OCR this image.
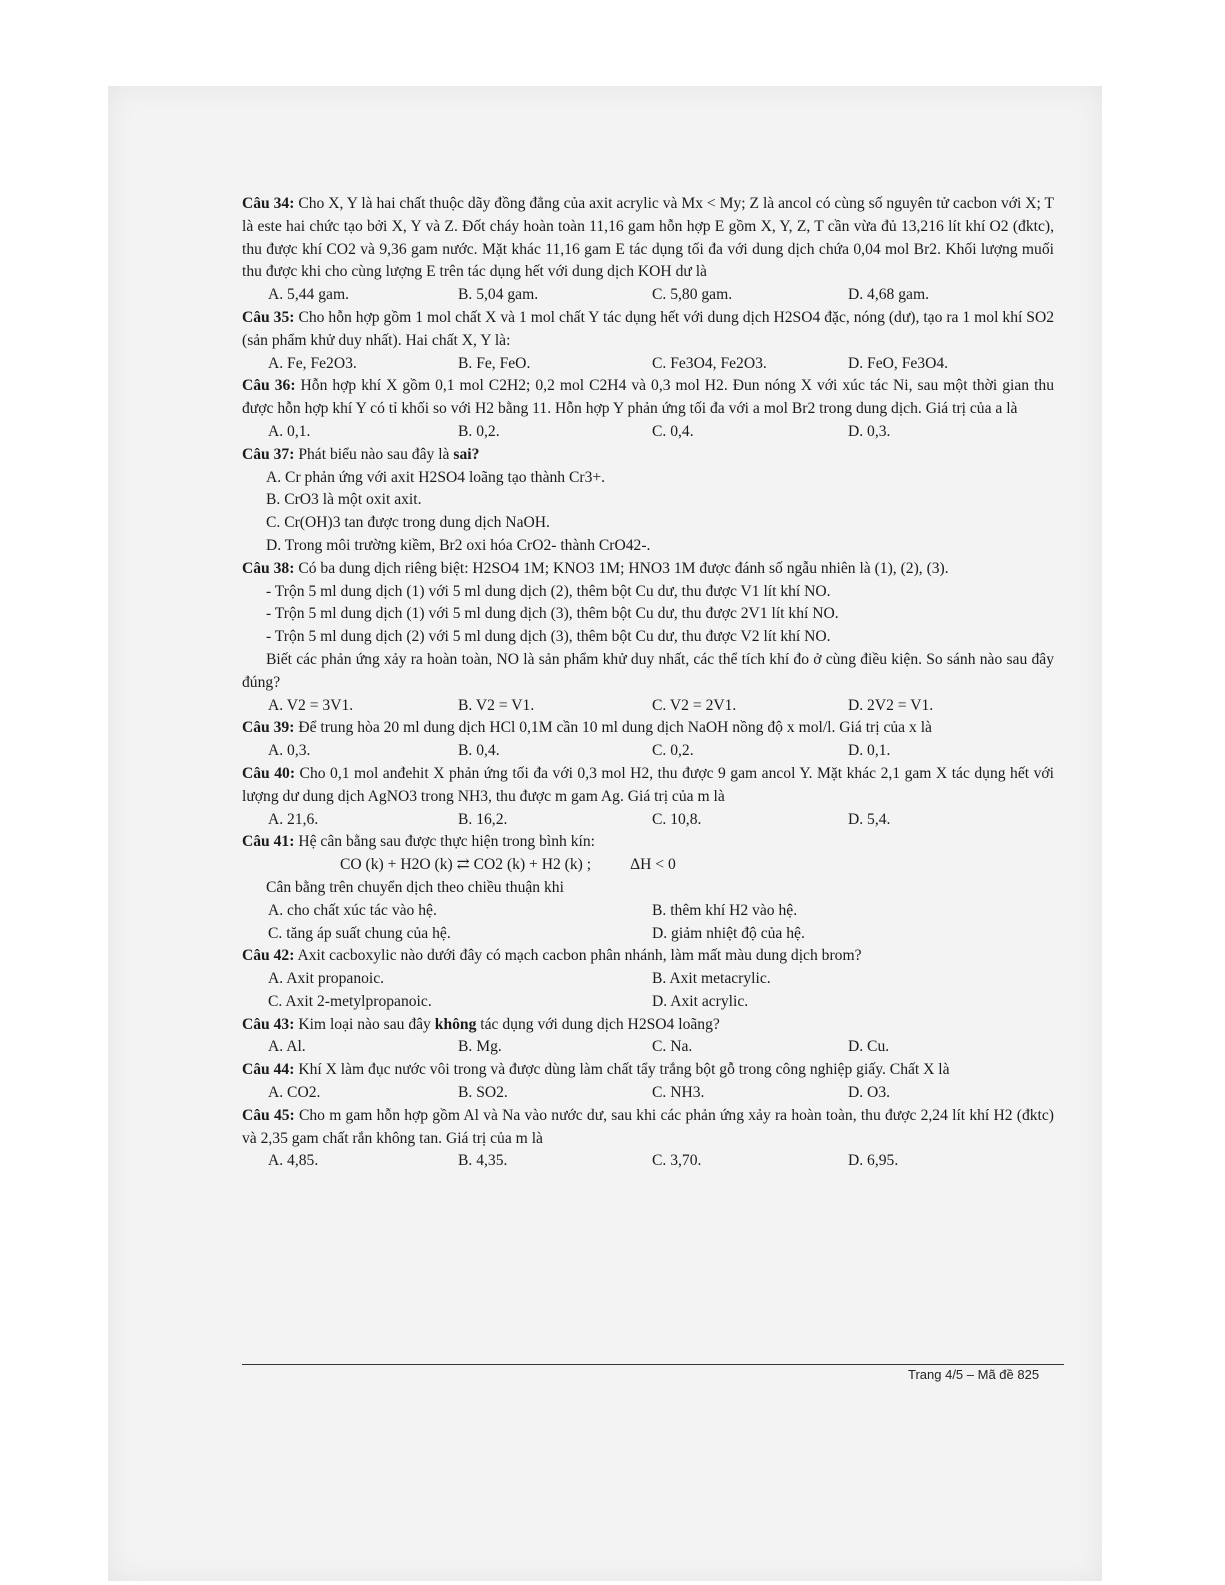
Câu 34: Cho X, Y là hai chất thuộc dãy đồng đẳng của axit acrylic và Mx < My; Z là ancol có cùng số nguyên tử cacbon với X; T là este hai chức tạo bởi X, Y và Z. Đốt cháy hoàn toàn 11,16 gam hỗn hợp E gồm X, Y, Z, T cần vừa đủ 13,216 lít khí O2 (đktc), thu được khí CO2 và 9,36 gam nước. Mặt khác 11,16 gam E tác dụng tối đa với dung dịch chứa 0,04 mol Br2. Khối lượng muối thu được khi cho cùng lượng E trên tác dụng hết với dung dịch KOH dư là

A. 5,44 gam.	B. 5,04 gam.	C. 5,80 gam.	D. 4,68 gam.

Câu 35: Cho hỗn hợp gồm 1 mol chất X và 1 mol chất Y tác dụng hết với dung dịch H2SO4 đặc, nóng (dư), tạo ra 1 mol khí SO2 (sản phẩm khử duy nhất). Hai chất X, Y là:

A. Fe, Fe2O3.	B. Fe, FeO.	C. Fe3O4, Fe2O3.	D. FeO, Fe3O4.

Câu 36: Hỗn hợp khí X gồm 0,1 mol C2H2; 0,2 mol C2H4 và 0,3 mol H2. Đun nóng X với xúc tác Ni, sau một thời gian thu được hỗn hợp khí Y có tỉ khối so với H2 bằng 11. Hỗn hợp Y phản ứng tối đa với a mol Br2 trong dung dịch. Giá trị của a là

A. 0,1.	B. 0,2.	C. 0,4.	D. 0,3.

Câu 37: Phát biểu nào sau đây là sai?

A. Cr phản ứng với axit H2SO4 loãng tạo thành Cr3+.

B. CrO3 là một oxit axit.

C. Cr(OH)3 tan được trong dung dịch NaOH.

D. Trong môi trường kiềm, Br2 oxi hóa CrO2- thành CrO42-.

Câu 38: Có ba dung dịch riêng biệt: H2SO4 1M; KNO3 1M; HNO3 1M được đánh số ngẫu nhiên là (1), (2), (3).

- Trộn 5 ml dung dịch (1) với 5 ml dung dịch (2), thêm bột Cu dư, thu được V1 lít khí NO.

- Trộn 5 ml dung dịch (1) với 5 ml dung dịch (3), thêm bột Cu dư, thu được 2V1 lít khí NO.

- Trộn 5 ml dung dịch (2) với 5 ml dung dịch (3), thêm bột Cu dư, thu được V2 lít khí NO.

Biết các phản ứng xảy ra hoàn toàn, NO là sản phẩm khử duy nhất, các thể tích khí đo ở cùng điều kiện. So sánh nào sau đây đúng?

A. V2 = 3V1.	B. V2 = V1.	C. V2 = 2V1.	D. 2V2 = V1.

Câu 39: Để trung hòa 20 ml dung dịch HCl 0,1M cần 10 ml dung dịch NaOH nồng độ x mol/l. Giá trị của x là

A. 0,3.	B. 0,4.	C. 0,2.	D. 0,1.

Câu 40: Cho 0,1 mol anđehit X phản ứng tối đa với 0,3 mol H2, thu được 9 gam ancol Y. Mặt khác 2,1 gam X tác dụng hết với lượng dư dung dịch AgNO3 trong NH3, thu được m gam Ag. Giá trị của m là

A. 21,6.	B. 16,2.	C. 10,8.	D. 5,4.

Câu 41: Hệ cân bằng sau được thực hiện trong bình kín:

CO (k) + H2O (k) ⇄ CO2 (k) + H2 (k) ;          ΔH < 0

Cân bằng trên chuyển dịch theo chiều thuận khi

A. cho chất xúc tác vào hệ.	B. thêm khí H2 vào hệ.
C. tăng áp suất chung của hệ.	D. giảm nhiệt độ của hệ.

Câu 42: Axit cacboxylic nào dưới đây có mạch cacbon phân nhánh, làm mất màu dung dịch brom?

A. Axit propanoic.	B. Axit metacrylic.
C. Axit 2-metylpropanoic.	D. Axit acrylic.

Câu 43: Kim loại nào sau đây không tác dụng với dung dịch H2SO4 loãng?

A. Al.	B. Mg.	C. Na.	D. Cu.

Câu 44: Khí X làm đục nước vôi trong và được dùng làm chất tẩy trắng bột gỗ trong công nghiệp giấy. Chất X là

A. CO2.	B. SO2.	C. NH3.	D. O3.

Câu 45: Cho m gam hỗn hợp gồm Al và Na vào nước dư, sau khi các phản ứng xảy ra hoàn toàn, thu được 2,24 lít khí H2 (đktc) và 2,35 gam chất rắn không tan. Giá trị của m là

A. 4,85.	B. 4,35.	C. 3,70.	D. 6,95.
Trang 4/5 – Mã đề 825
